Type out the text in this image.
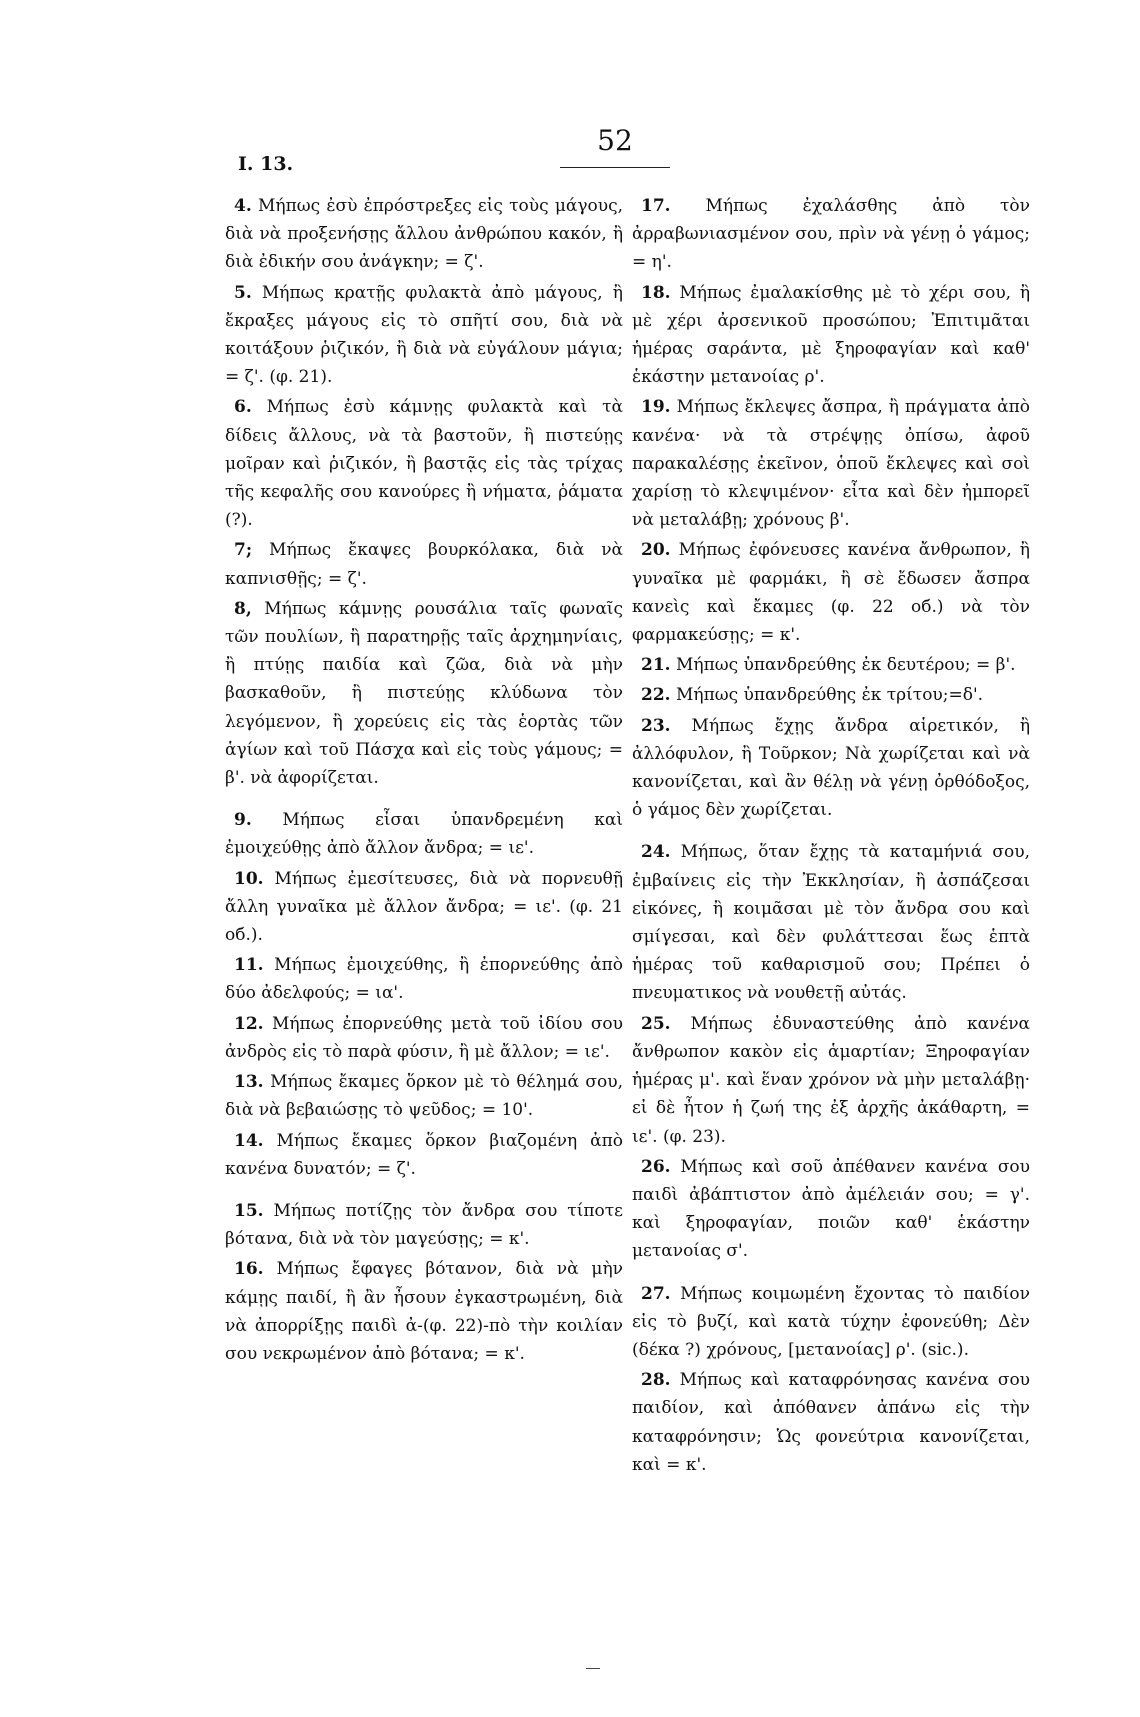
I. 13.
52

4. Μήπως ἐσὺ ἐπρόστρεξες εἰς τοὺς μάγους, διὰ νὰ προξενήσῃς ἄλλου ἀνθρώπου κακόν, ἢ διὰ ἐδικήν σου ἀνάγκην; = ζ'.

5. Μήπως κρατῇς φυλακτὰ ἀπὸ μάγους, ἢ ἔκραξες μάγους εἰς τὸ σπῆτί σου, διὰ νὰ κοιτάξουν ῥιζικόν, ἢ διὰ νὰ εὐγάλουν μάγια; = ζ'. (φ. 21).

6. Μήπως ἐσὺ κάμνῃς φυλακτὰ καὶ τὰ δίδεις ἄλλους, νὰ τὰ βαστοῦν, ἢ πιστεύῃς μοῖραν καὶ ῥιζικόν, ἢ βαστᾷς εἰς τὰς τρίχας τῆς κεφαλῆς σου κανούρες ἢ νήματα, ῥάματα (?).

7; Μήπως ἔκαψες βουρκόλακα, διὰ νὰ καπνισθῇς; = ζ'.

8, Μήπως κάμνῃς ρουσάλια ταῖς φωναῖς τῶν πουλίων, ἢ παρατηρῇς ταῖς ἀρχημηνίαις, ἢ πτύῃς παιδία καὶ ζῶα, διὰ νὰ μὴν βασκαθοῦν, ἢ πιστεύῃς κλύδωνα τὸν λεγόμενον, ἢ χορεύεις εἰς τὰς ἑορτὰς τῶν ἁγίων καὶ τοῦ Πάσχα καὶ εἰς τοὺς γάμους; = β'. νὰ ἀφορίζεται.

9. Μήπως εἶσαι ὑπανδρεμένη καὶ ἐμοιχεύθῃς ἀπὸ ἄλλον ἄνδρα; = ιε'.

10. Μήπως ἐμεσίτευσες, διὰ νὰ πορνευθῇ ἄλλη γυναῖκα μὲ ἄλλον ἄνδρα; = ιε'. (φ. 21 οб.).

11. Μήπως ἐμοιχεύθης, ἢ ἐπορνεύθης ἀπὸ δύο ἀδελφούς; = ια'.

12. Μήπως ἐπορνεύθης μετὰ τοῦ ἰδίου σου ἀνδρὸς εἰς τὸ παρὰ φύσιν, ἢ μὲ ἄλλον; = ιε'.

13. Μήπως ἔκαμες ὅρκον μὲ τὸ θέλημά σου, διὰ νὰ βεβαιώσῃς τὸ ψεῦδος; = 10'.

14. Μήπως ἔκαμες ὅρκον βιαζομένη ἀπὸ κανένα δυνατόν; = ζ'.

15. Μήπως ποτίζῃς τὸν ἄνδρα σου τίποτε βότανα, διὰ νὰ τὸν μαγεύσῃς; = κ'.

16. Μήπως ἔφαγες βότανον, διὰ νὰ μὴν κάμῃς παιδί, ἢ ἂν ἦσουν ἐγκαστρωμένη, διὰ νὰ ἀπορρίξῃς παιδὶ ἀ-(φ. 22)-πὸ τὴν κοιλίαν σου νεκρωμένον ἀπὸ βότανα; = κ'.

17. Μήπως ἐχαλάσθης ἀπὸ τὸν ἀρραβωνιασμένον σου, πρὶν νὰ γένῃ ὁ γάμος; = η'.

18. Μήπως ἐμαλακίσθης μὲ τὸ χέρι σου, ἢ μὲ χέρι ἀρσενικοῦ προσώπου; Ἐπιτιμᾶται ἡμέρας σαράντα, μὲ ξηροφαγίαν καὶ καθ' ἑκάστην μετανοίας ρ'.

19. Μήπως ἔκλεψες ἄσπρα, ἢ πράγματα ἀπὸ κανένα· νὰ τὰ στρέψῃς ὀπίσω, ἀφοῦ παρακαλέσῃς ἐκεῖνον, ὁποῦ ἔκλεψες καὶ σοὶ χαρίσῃ τὸ κλεψιμένον· εἶτα καὶ δὲν ἠμπορεῖ νὰ μεταλάβῃ; χρόνους β'.

20. Μήπως ἐφόνευσες κανένα ἄνθρωπον, ἢ γυναῖκα μὲ φαρμάκι, ἢ σὲ ἔδωσεν ἄσπρα κανεὶς καὶ ἔκαμες (φ. 22 об.) νὰ τὸν φαρμακεύσῃς; = κ'.

21. Μήπως ὑπανδρεύθης ἐκ δευτέρου; = β'.

22. Μήπως ὑπανδρεύθης ἐκ τρίτου;=δ'.

23. Μήπως ἔχῃς ἄνδρα αἱρετικόν, ἢ ἀλλόφυλον, ἢ Τοῦρκον; Νὰ χωρίζεται καὶ νὰ κανονίζεται, καὶ ἂν θέλῃ νὰ γένῃ ὀρθόδοξος, ὁ γάμος δὲν χωρίζεται.

24. Μήπως, ὅταν ἔχῃς τὰ καταμήνιά σου, ἐμβαίνεις εἰς τὴν Ἐκκλησίαν, ἢ ἀσπάζεσαι εἰκόνες, ἢ κοιμᾶσαι μὲ τὸν ἄνδρα σου καὶ σμίγεσαι, καὶ δὲν φυλάττεσαι ἕως ἑπτὰ ἡμέρας τοῦ καθαρισμοῦ σου; Πρέπει ὁ πνευματικος νὰ νουθετῇ αὐτάς.

25. Μήπως ἐδυναστεύθης ἀπὸ κανένα ἄνθρωπον κακὸν εἰς ἁμαρτίαν; Ξηροφαγίαν ἡμέρας μ'. καὶ ἕναν χρόνον νὰ μὴν μεταλάβῃ· εἰ δὲ ἦτον ἡ ζωή της ἐξ ἀρχῆς ἀκάθαρτη, = ιε'. (φ. 23).

26. Μήπως καὶ σοῦ ἀπέθανεν κανένα σου παιδὶ ἀβάπτιστον ἀπὸ ἀμέλειάν σου; = γ'. καὶ ξηροφαγίαν, ποιῶν καθ' ἑκάστην μετανοίας σ'.

27. Μήπως κοιμωμένη ἔχοντας τὸ παιδίον εἰς τὸ βυζί, καὶ κατὰ τύχην ἐφονεύθη; Δὲν (δέκα ?) χρόνους, [μετανοίας] ρ'. (sic.).

28. Μήπως καὶ καταφρόνησας κανένα σου παιδίον, καὶ ἀπόθανεν ἀπάνω εἰς τὴν καταφρόνησιν; Ὡς φονεύτρια κανονίζεται, καὶ = κ'.
